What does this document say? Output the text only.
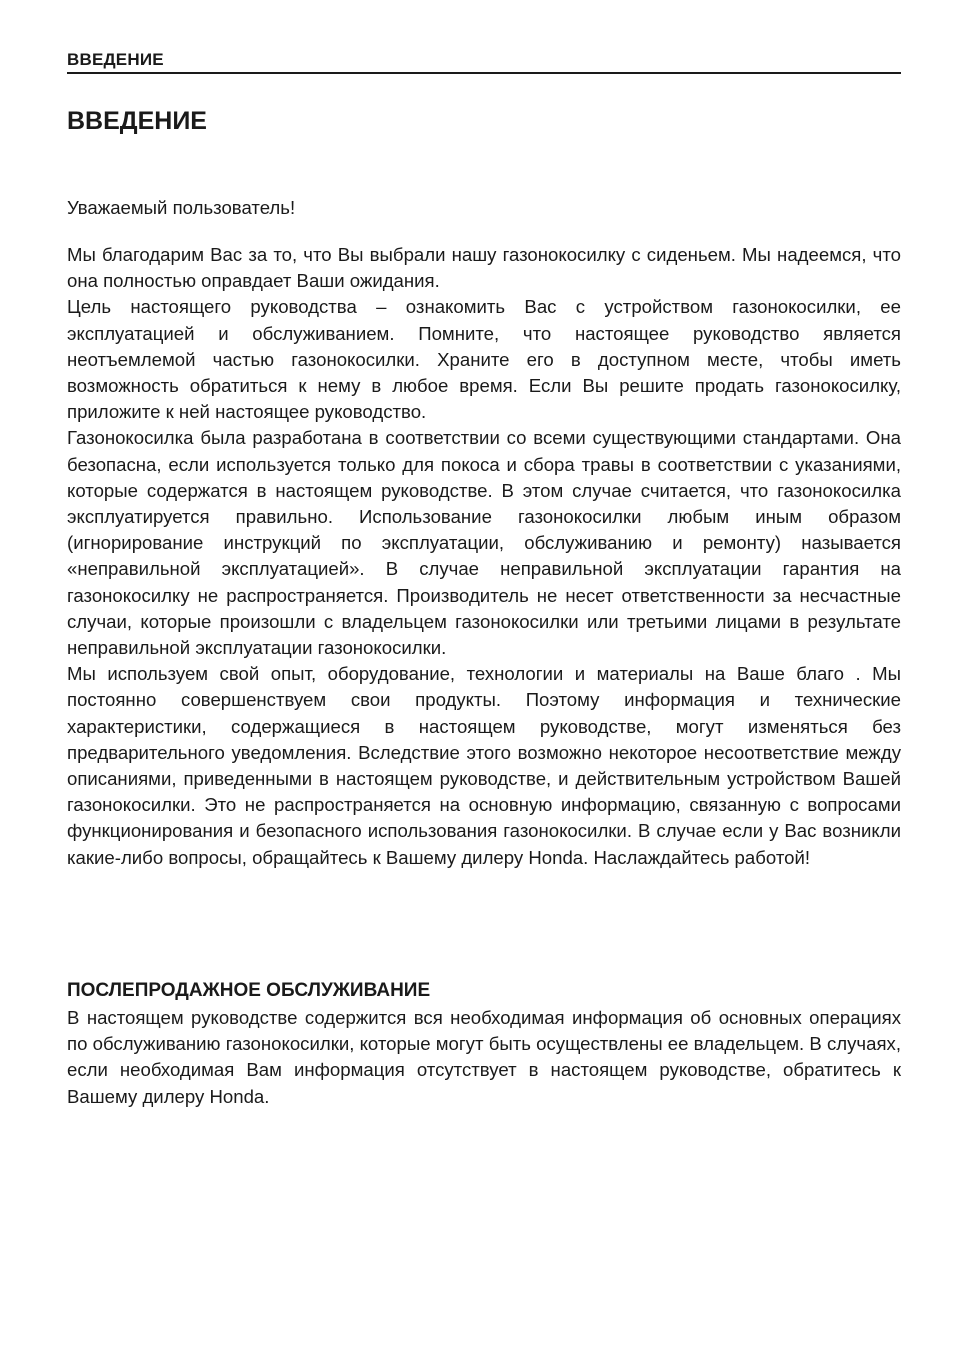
ВВЕДЕНИЕ
ВВЕДЕНИЕ
Уважаемый пользователь!

Мы благодарим Вас за то, что Вы выбрали нашу газонокосилку с сиденьем. Мы надеемся, что она полностью оправдает Ваши ожидания.

Цель настоящего руководства – ознакомить Вас с устройством газонокосилки, ее эксплуатацией и обслуживанием. Помните, что настоящее руководство является неотъемлемой частью газонокосилки. Храните его в доступном месте, чтобы иметь возможность обратиться к нему в любое время. Если Вы решите продать газонокосилку, приложите к ней настоящее руководство.

Газонокосилка была разработана в соответствии со всеми существующими стандартами. Она безопасна, если используется только для покоса и сбора травы в соответствии с указаниями, которые содержатся в настоящем руководстве. В этом случае считается, что газонокосилка эксплуатируется правильно. Использование газонокосилки любым иным образом (игнорирование инструкций по эксплуатации, обслуживанию и ремонту) называется «неправильной эксплуатацией». В случае неправильной эксплуатации гарантия на газонокосилку не распространяется. Производитель не несет ответственности за несчастные случаи, которые произошли с владельцем газонокосилки или третьими лицами в результате неправильной эксплуатации газонокосилки.

Мы используем свой опыт, оборудование, технологии и материалы на Ваше благо . Мы постоянно совершенствуем свои продукты. Поэтому информация и технические характеристики, содержащиеся в настоящем руководстве, могут изменяться без предварительного уведомления. Вследствие этого возможно некоторое несоответствие между описаниями, приведенными в настоящем руководстве, и действительным устройством Вашей газонокосилки. Это не распространяется на основную информацию, связанную с вопросами функционирования и безопасного использования газонокосилки. В случае если у Вас возникли какие-либо вопросы, обращайтесь к Вашему дилеру Honda. Наслаждайтесь работой!

ПОСЛЕПРОДАЖНОЕ ОБСЛУЖИВАНИЕ
В настоящем руководстве содержится вся необходимая информация об основных операциях по обслуживанию газонокосилки, которые могут быть осуществлены ее владельцем. В случаях, если необходимая Вам информация отсутствует в настоящем руководстве, обратитесь к Вашему дилеру Honda.
